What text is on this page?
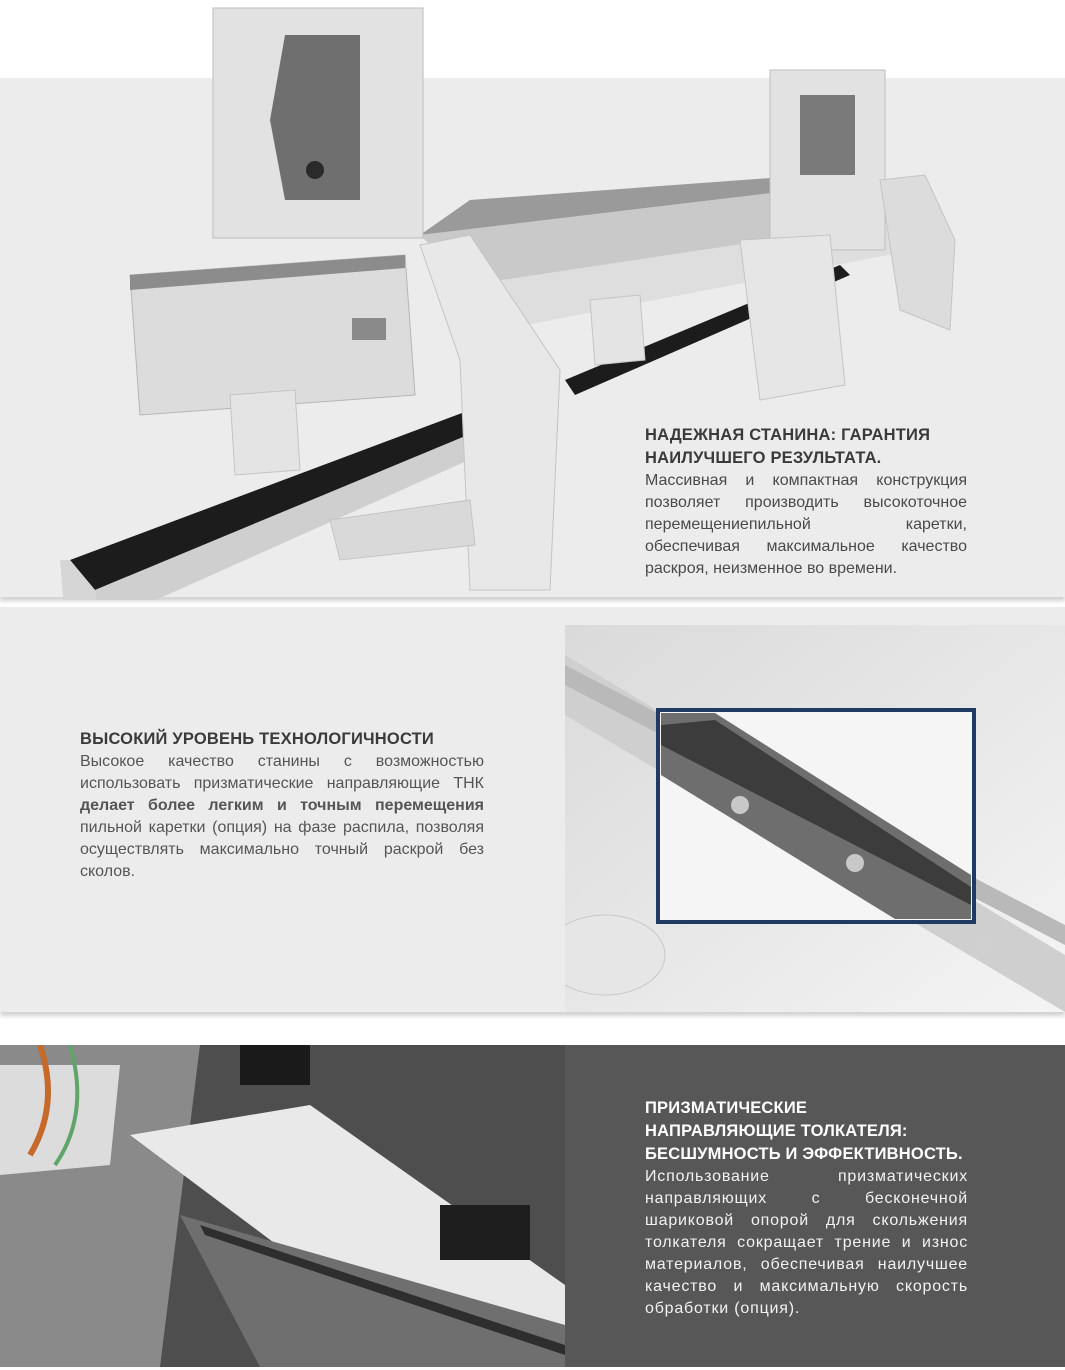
НАДЕЖНАЯ СТАНИНА: ГАРАНТИЯ
НАИЛУЧШЕГО РЕЗУЛЬТАТА.

Массивная и компактная конструкция позволяет производить высокоточное перемещениепильной каретки, обеспечивая максимальное качество раскроя, неизменное во времени.

ВЫСОКИЙ УРОВЕНЬ ТЕХНОЛОГИЧНОСТИ

Высокое качество станины с возможностью использовать призматические направляющие ТНК делает более легким и точным перемещения пильной каретки (опция) на фазе распила, позволяя осуществлять максимально точный раскрой без сколов.

ПРИЗМАТИЧЕСКИЕ
НАПРАВЛЯЮЩИЕ ТОЛКАТЕЛЯ:
БЕСШУМНОСТЬ И ЭФФЕКТИВНОСТЬ.

Использование призматических направляющих с бесконечной шариковой опорой для скольжения толкателя сокращает трение и износ материалов, обеспечивая наилучшее качество и максимальную скорость обработки (опция).
